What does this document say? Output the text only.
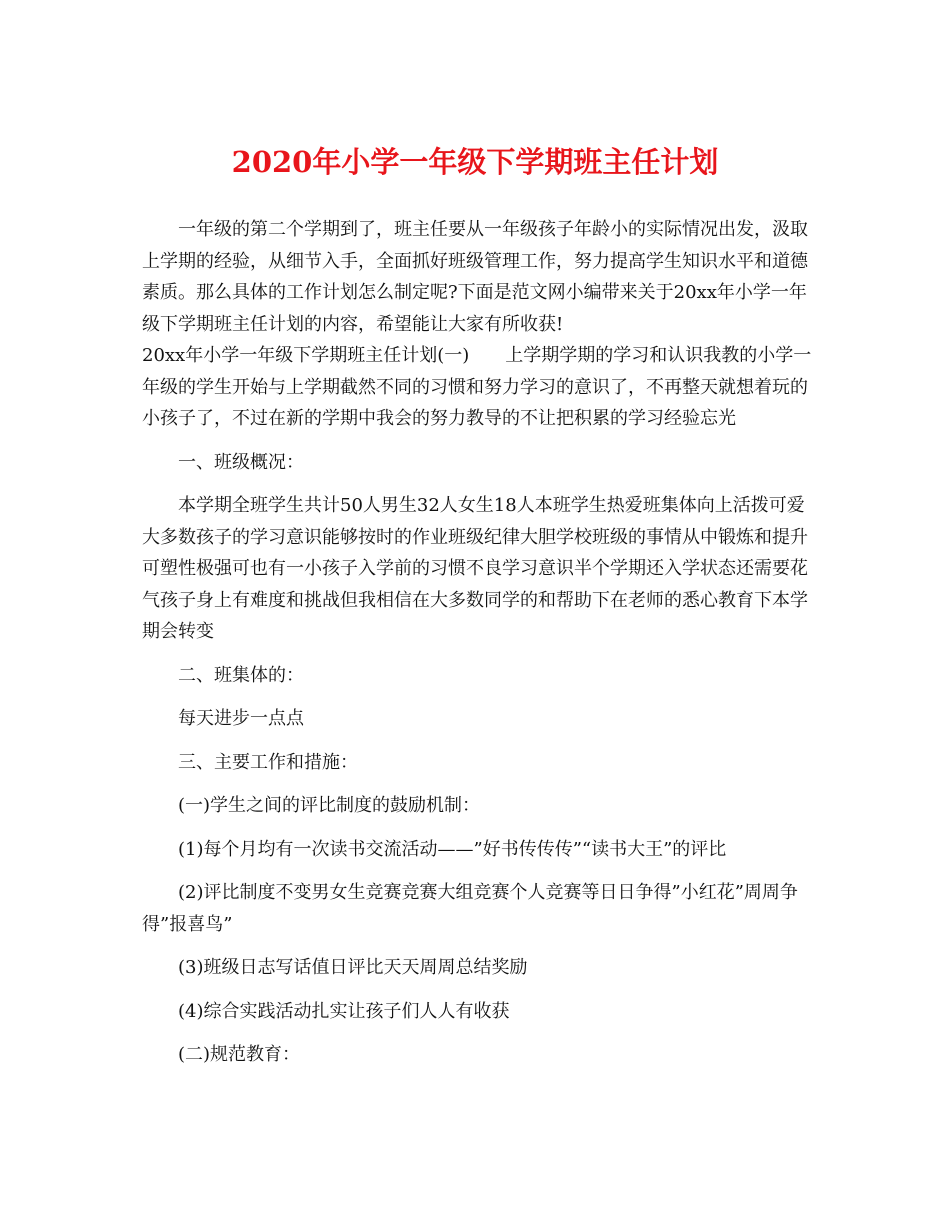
2020年小学一年级下学期班主任计划

一年级的第二个学期到了，班主任要从一年级孩子年龄小的实际情况出发，汲取上学期的经验，从细节入手，全面抓好班级管理工作，努力提高学生知识水平和道德素质。那么具体的工作计划怎么制定呢?下面是范文网小编带来关于20xx年小学一年级下学期班主任计划的内容，希望能让大家有所收获!

20xx年小学一年级下学期班主任计划(一) 上学期学期的学习和认识我教的小学一年级的学生开始与上学期截然不同的习惯和努力学习的意识了，不再整天就想着玩的小孩子了，不过在新的学期中我会的努力教导的不让把积累的学习经验忘光

一、班级概况：

本学期全班学生共计50人男生32人女生18人本班学生热爱班集体向上活拨可爱大多数孩子的学习意识能够按时的作业班级纪律大胆学校班级的事情从中锻炼和提升可塑性极强可也有一小孩子入学前的习惯不良学习意识半个学期还入学状态还需要花气孩子身上有难度和挑战但我相信在大多数同学的和帮助下在老师的悉心教育下本学期会转变

二、班集体的：

每天进步一点点

三、主要工作和措施：

(一)学生之间的评比制度的鼓励机制：

(1)每个月均有一次读书交流活动——”好书传传传”“读书大王”的评比

(2)评比制度不变男女生竞赛竞赛大组竞赛个人竞赛等日日争得”小红花”周周争得”报喜鸟”

(3)班级日志写话值日评比天天周周总结奖励

(4)综合实践活动扎实让孩子们人人有收获

(二)规范教育：
